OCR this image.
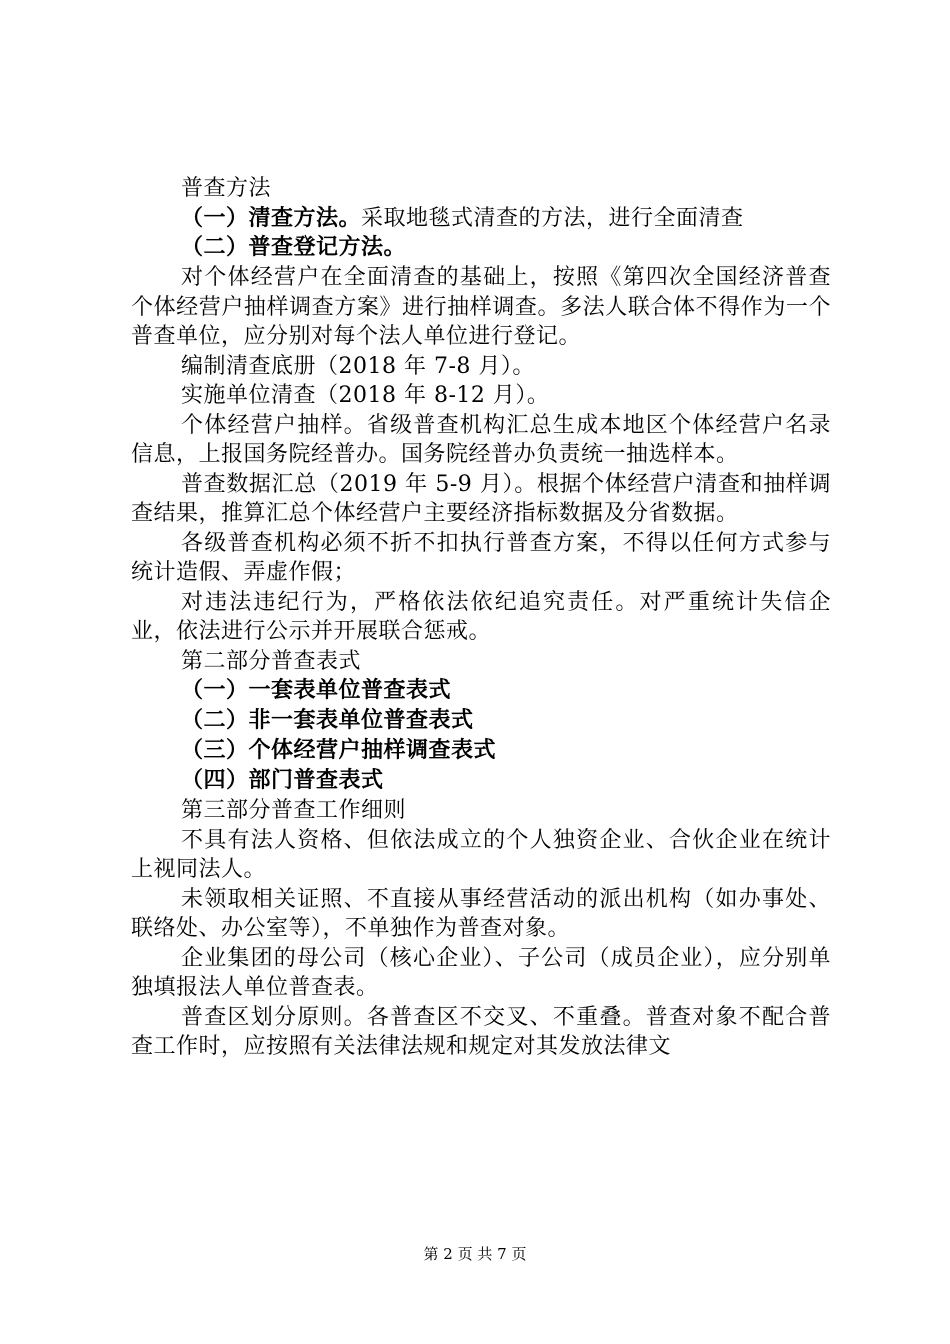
普查方法

（一）清查方法。采取地毯式清查的方法，进行全面清查

（二）普查登记方法。

对个体经营户在全面清查的基础上，按照《第四次全国经济普查个体经营户抽样调查方案》进行抽样调查。多法人联合体不得作为一个普查单位，应分别对每个法人单位进行登记。

编制清查底册（2018 年 7-8 月）。

实施单位清查（2018 年 8-12 月）。

个体经营户抽样。省级普查机构汇总生成本地区个体经营户名录信息，上报国务院经普办。国务院经普办负责统一抽选样本。

普查数据汇总（2019 年 5-9 月）。根据个体经营户清查和抽样调查结果，推算汇总个体经营户主要经济指标数据及分省数据。

各级普查机构必须不折不扣执行普查方案，不得以任何方式参与统计造假、弄虚作假；

对违法违纪行为，严格依法依纪追究责任。对严重统计失信企业，依法进行公示并开展联合惩戒。

第二部分普查表式

（一）一套表单位普查表式

（二）非一套表单位普查表式

（三）个体经营户抽样调查表式

（四）部门普查表式

第三部分普查工作细则

不具有法人资格、但依法成立的个人独资企业、合伙企业在统计上视同法人。

未领取相关证照、不直接从事经营活动的派出机构（如办事处、联络处、办公室等），不单独作为普查对象。

企业集团的母公司（核心企业）、子公司（成员企业），应分别单独填报法人单位普查表。

普查区划分原则。各普查区不交叉、不重叠。普查对象不配合普查工作时，应按照有关法律法规和规定对其发放法律文

第 2 页 共 7 页
